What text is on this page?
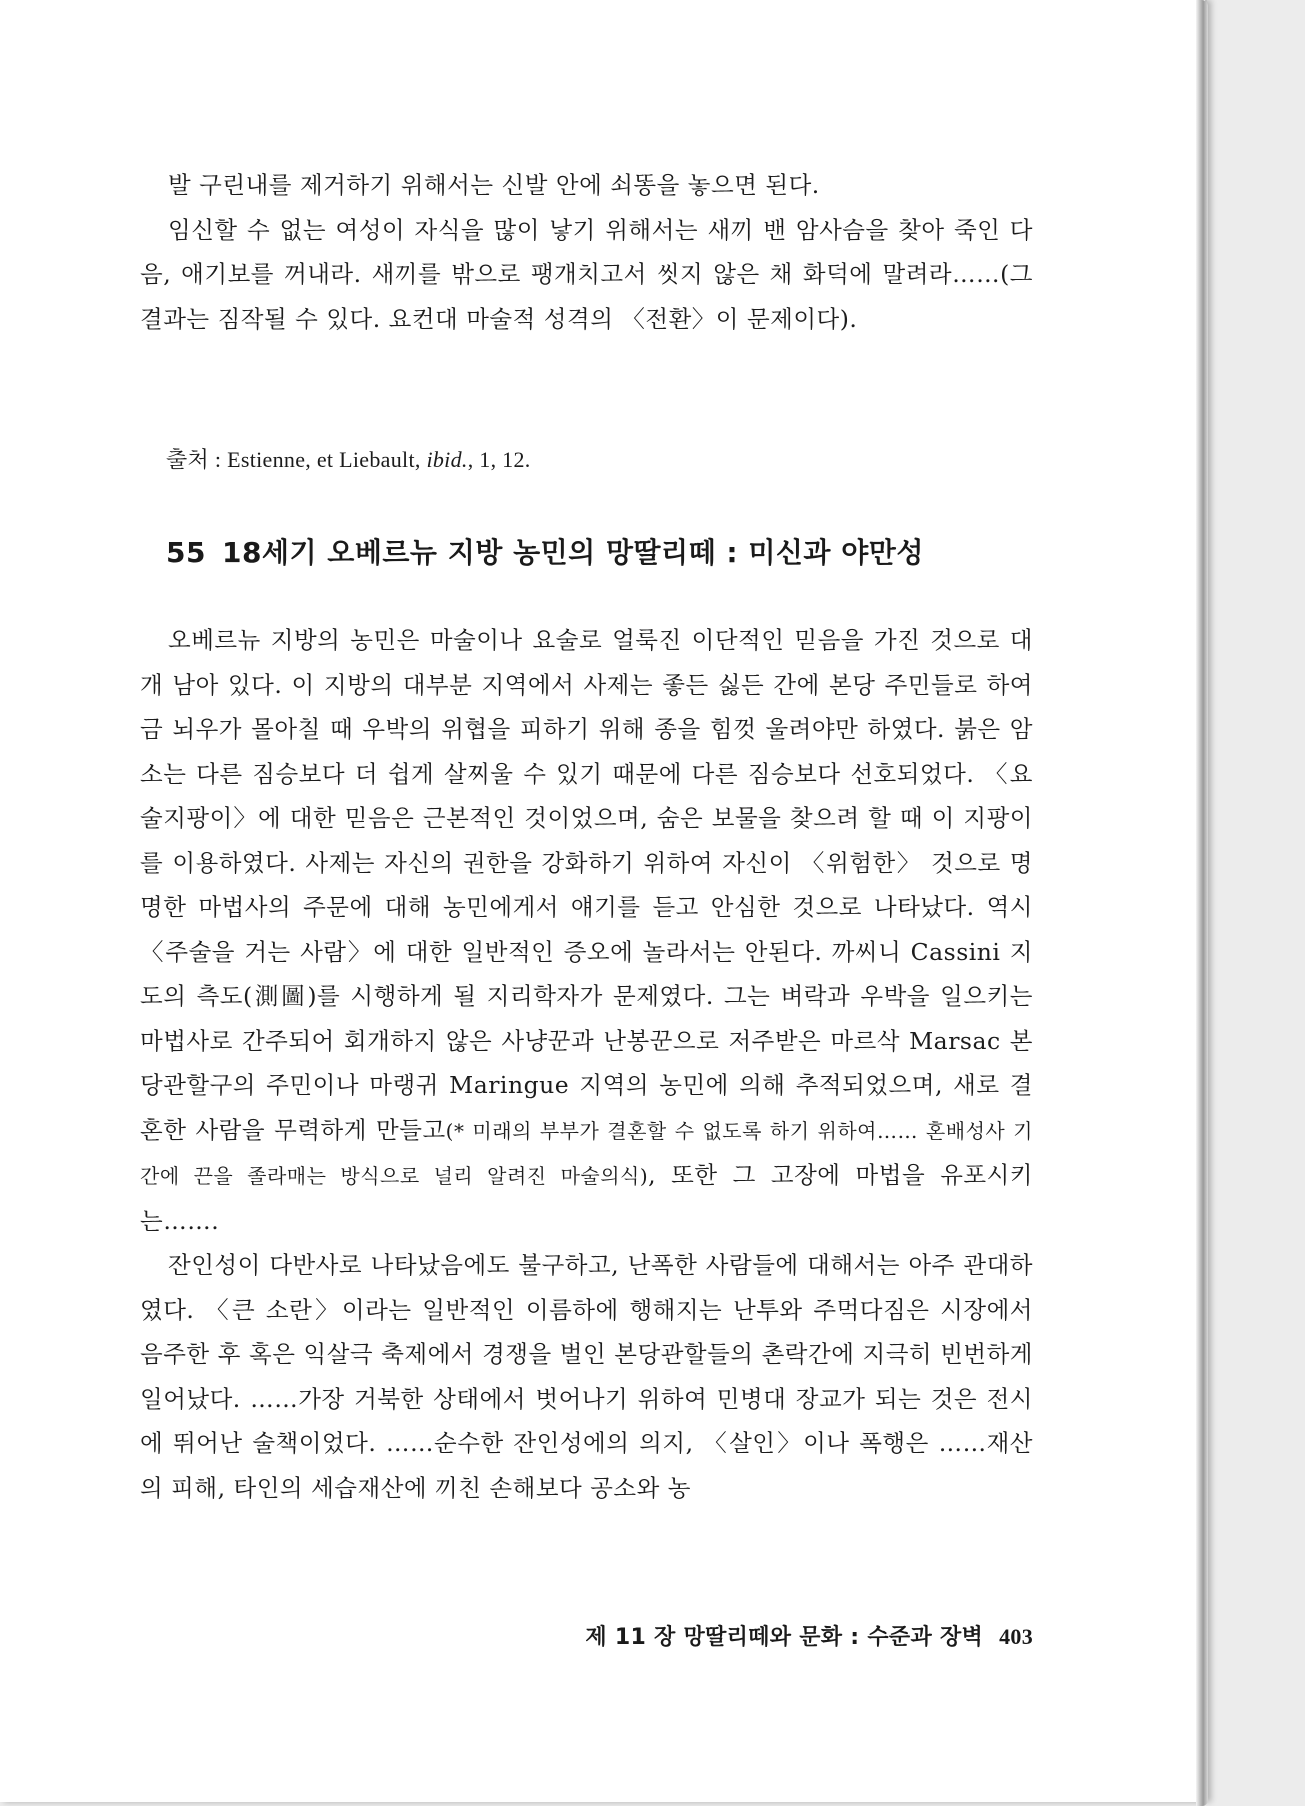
발 구린내를 제거하기 위해서는 신발 안에 쇠똥을 놓으면 된다.

임신할 수 없는 여성이 자식을 많이 낳기 위해서는 새끼 밴 암사슴을 찾아 죽인 다음, 애기보를 꺼내라. 새끼를 밖으로 팽개치고서 씻지 않은 채 화덕에 말려라……(그 결과는 짐작될 수 있다. 요컨대 마술적 성격의 〈전환〉이 문제이다).

출처 : Estienne, et Liebault, ibid., 1, 12.
55 18세기 오베르뉴 지방 농민의 망딸리떼 : 미신과 야만성

오베르뉴 지방의 농민은 마술이나 요술로 얼룩진 이단적인 믿음을 가진 것으로 대개 남아 있다. 이 지방의 대부분 지역에서 사제는 좋든 싫든 간에 본당 주민들로 하여금 뇌우가 몰아칠 때 우박의 위협을 피하기 위해 종을 힘껏 울려야만 하였다. 붉은 암소는 다른 짐승보다 더 쉽게 살찌울 수 있기 때문에 다른 짐승보다 선호되었다. 〈요술지팡이〉에 대한 믿음은 근본적인 것이었으며, 숨은 보물을 찾으려 할 때 이 지팡이를 이용하였다. 사제는 자신의 권한을 강화하기 위하여 자신이 〈위험한〉 것으로 명명한 마법사의 주문에 대해 농민에게서 얘기를 듣고 안심한 것으로 나타났다. 역시 〈주술을 거는 사람〉에 대한 일반적인 증오에 놀라서는 안된다. 까씨니 Cassini 지도의 측도(測圖)를 시행하게 될 지리학자가 문제였다. 그는 벼락과 우박을 일으키는 마법사로 간주되어 회개하지 않은 사냥꾼과 난봉꾼으로 저주받은 마르삭 Marsac 본당관할구의 주민이나 마랭귀 Maringue 지역의 농민에 의해 추적되었으며, 새로 결혼한 사람을 무력하게 만들고(* 미래의 부부가 결혼할 수 없도록 하기 위하여…… 혼배성사 기간에 끈을 졸라매는 방식으로 널리 알려진 마술의식), 또한 그 고장에 마법을 유포시키는…….

잔인성이 다반사로 나타났음에도 불구하고, 난폭한 사람들에 대해서는 아주 관대하였다. 〈큰 소란〉이라는 일반적인 이름하에 행해지는 난투와 주먹다짐은 시장에서 음주한 후 혹은 익살극 축제에서 경쟁을 벌인 본당관할들의 촌락간에 지극히 빈번하게 일어났다. ……가장 거북한 상태에서 벗어나기 위하여 민병대 장교가 되는 것은 전시에 뛰어난 술책이었다. ……순수한 잔인성에의 의지, 〈살인〉이나 폭행은 ……재산의 피해, 타인의 세습재산에 끼친 손해보다 공소와 농

제 11 장 망딸리떼와 문화 : 수준과 장벽 403
